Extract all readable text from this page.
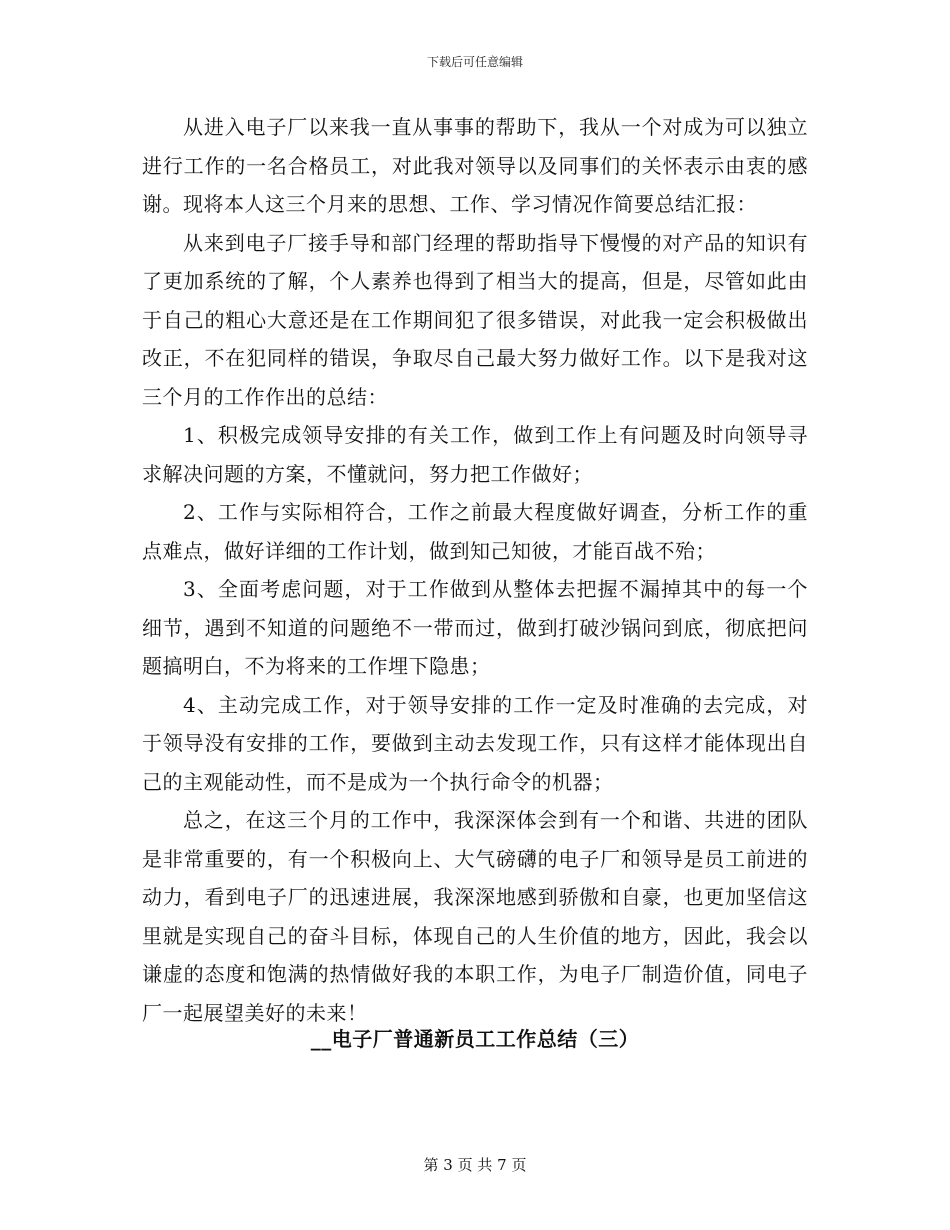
下载后可任意编辑

从进入电子厂以来我一直从事事的帮助下，我从一个对成为可以独立进行工作的一名合格员工，对此我对领导以及同事们的关怀表示由衷的感谢。现将本人这三个月来的思想、工作、学习情况作简要总结汇报：

从来到电子厂接手导和部门经理的帮助指导下慢慢的对产品的知识有了更加系统的了解，个人素养也得到了相当大的提高，但是，尽管如此由于自己的粗心大意还是在工作期间犯了很多错误，对此我一定会积极做出改正，不在犯同样的错误，争取尽自己最大努力做好工作。以下是我对这三个月的工作作出的总结：

1、积极完成领导安排的有关工作，做到工作上有问题及时向领导寻求解决问题的方案，不懂就问，努力把工作做好；

2、工作与实际相符合，工作之前最大程度做好调查，分析工作的重点难点，做好详细的工作计划，做到知己知彼，才能百战不殆；

3、全面考虑问题，对于工作做到从整体去把握不漏掉其中的每一个细节，遇到不知道的问题绝不一带而过，做到打破沙锅问到底，彻底把问题搞明白，不为将来的工作埋下隐患；

4、主动完成工作，对于领导安排的工作一定及时准确的去完成，对于领导没有安排的工作，要做到主动去发现工作，只有这样才能体现出自己的主观能动性，而不是成为一个执行命令的机器；

总之，在这三个月的工作中，我深深体会到有一个和谐、共进的团队是非常重要的，有一个积极向上、大气磅礴的电子厂和领导是员工前进的动力，看到电子厂的迅速进展，我深深地感到骄傲和自豪，也更加坚信这里就是实现自己的奋斗目标，体现自己的人生价值的地方，因此，我会以谦虚的态度和饱满的热情做好我的本职工作，为电子厂制造价值，同电子厂一起展望美好的未来！

__电子厂普通新员工工作总结（三）
第 3 页 共 7 页
